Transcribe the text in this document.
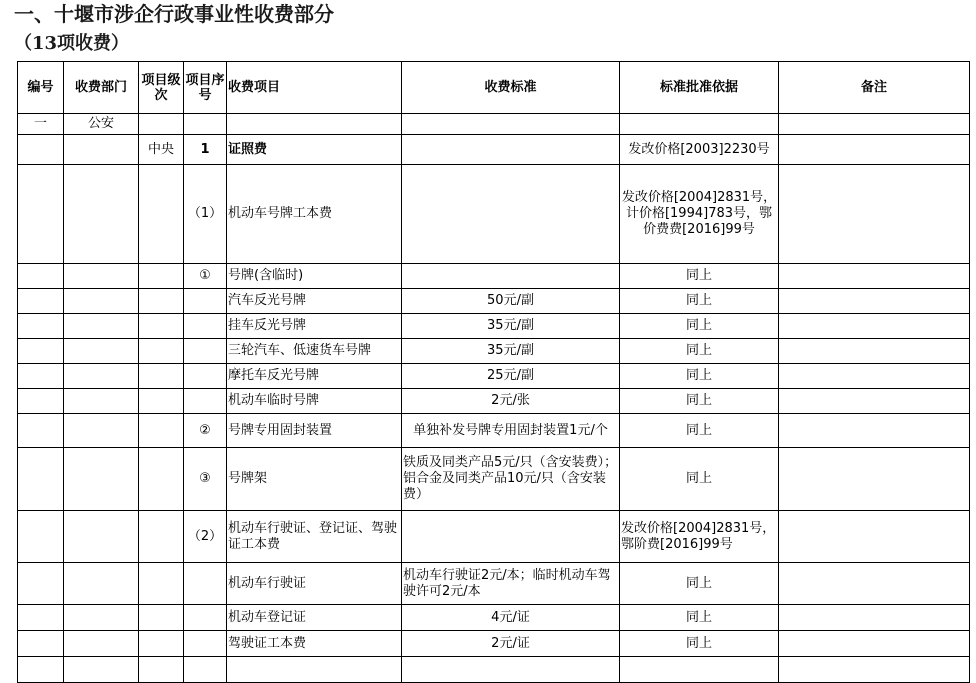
一、十堰市涉企行政事业性收费部分
（13项收费）
编号	收费部门	项目级次	项目序号	收费项目	收费标准	标准批准依据	备注
一	公安						
		中央	1	证照费		发改价格[2003]2230号	
			（1）	机动车号牌工本费		发改价格[2004]2831号，计价格[1994]783号，鄂价费费[2016]99号	
			①	号牌(含临时)		同上	
				汽车反光号牌	50元/副	同上	
				挂车反光号牌	35元/副	同上	
				三轮汽车、低速货车号牌	35元/副	同上	
				摩托车反光号牌	25元/副	同上	
				机动车临时号牌	2元/张	同上	
			②	号牌专用固封装置	单独补发号牌专用固封装置1元/个	同上	
			③	号牌架	铁质及同类产品5元/只（含安装费）；铝合金及同类产品10元/只（含安装费）	同上	
			（2）	机动车行驶证、登记证、驾驶证工本费		发改价格[2004]2831号，鄂阶费[2016]99号	
				机动车行驶证	机动车行驶证2元/本；临时机动车驾驶许可2元/本	同上	
				机动车登记证	4元/证	同上	
				驾驶证工本费	2元/证	同上	
